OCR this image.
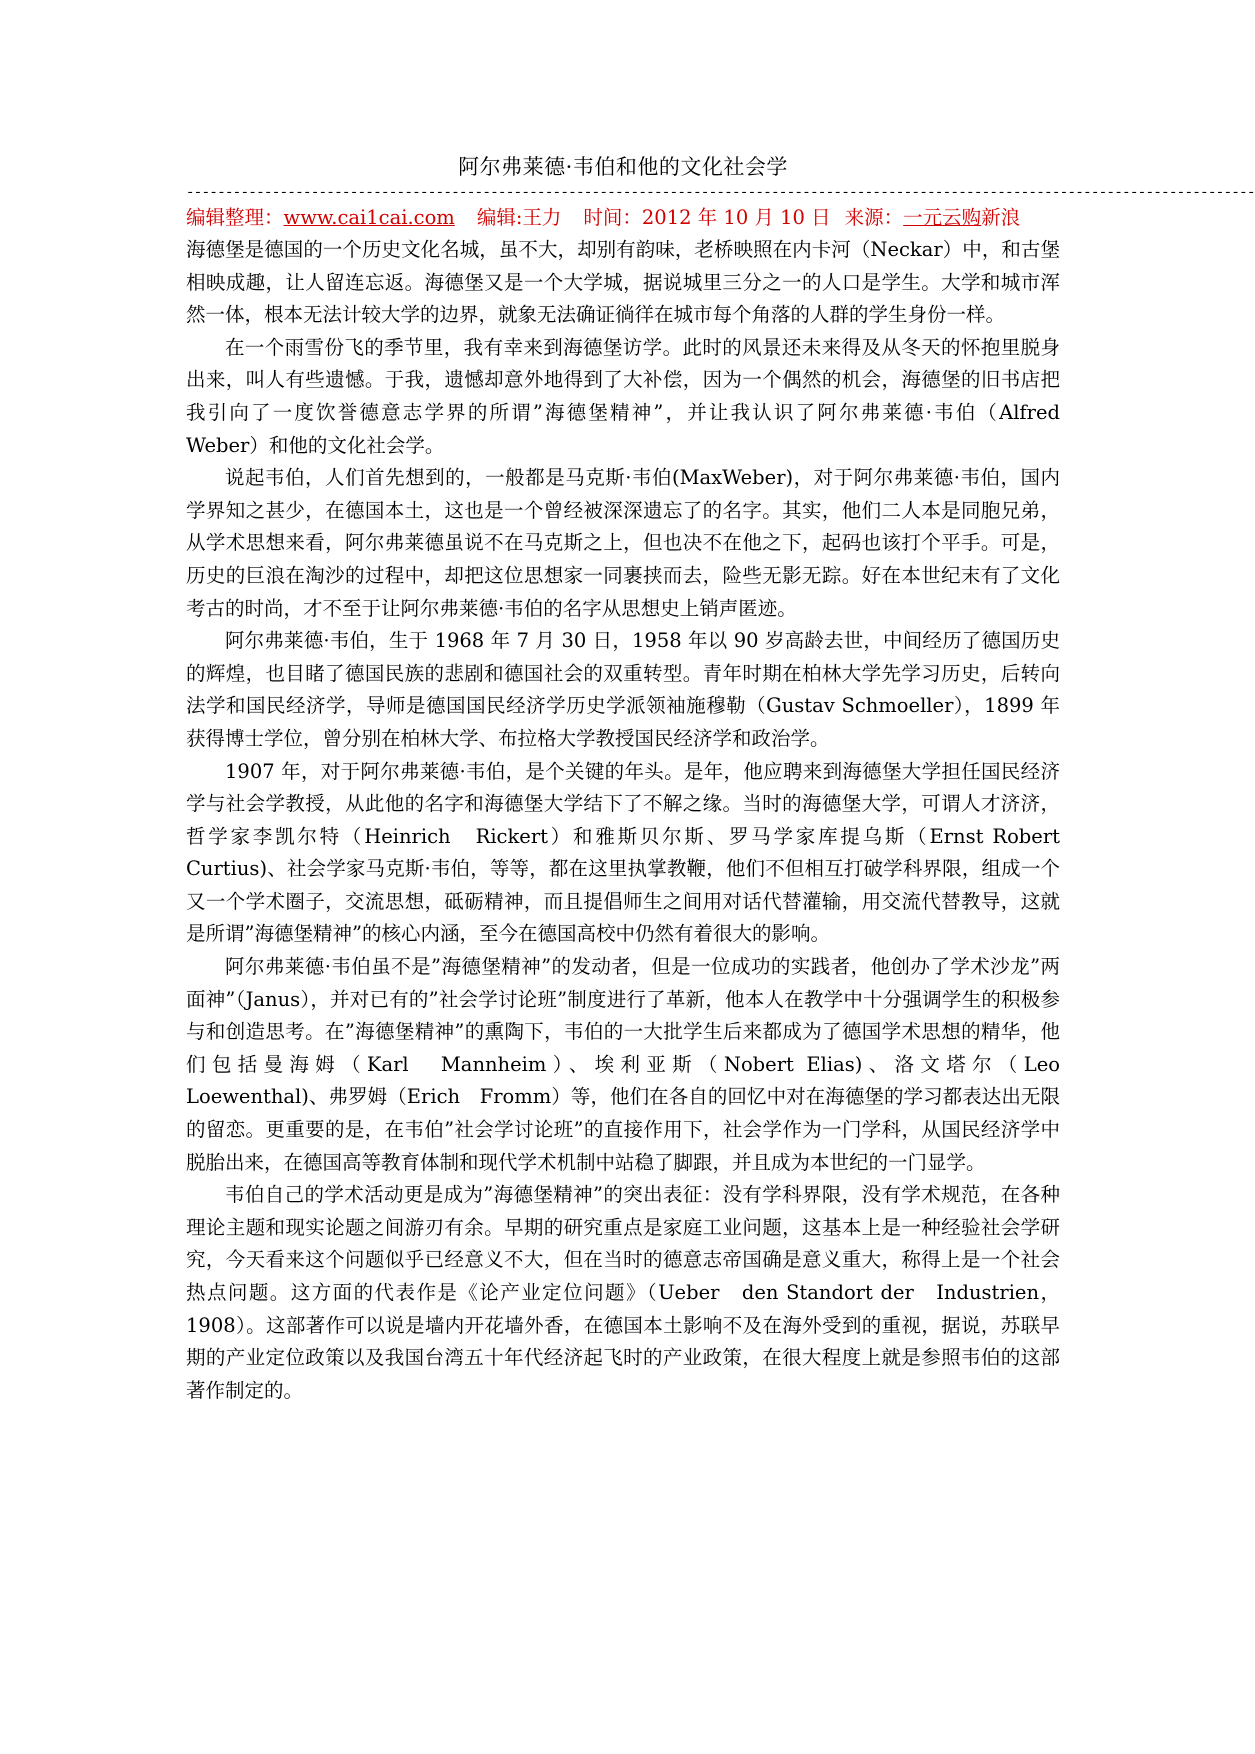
阿尔弗莱德·韦伯和他的文化社会学
-----------------------------------------------------------------------------------------------------------------------------------------
编辑整理：www.cai1cai.com 编辑:王力 时间：2012 年 10 月 10 日 来源：一元云购新浪

海德堡是德国的一个历史文化名城，虽不大，却别有韵味，老桥映照在内卡河（Neckar）中，和古堡相映成趣，让人留连忘返。海德堡又是一个大学城，据说城里三分之一的人口是学生。大学和城市浑然一体，根本无法计较大学的边界，就象无法确证徜徉在城市每个角落的人群的学生身份一样。

在一个雨雪份飞的季节里，我有幸来到海德堡访学。此时的风景还未来得及从冬天的怀抱里脱身出来，叫人有些遗憾。于我，遗憾却意外地得到了大补偿，因为一个偶然的机会，海德堡的旧书店把我引向了一度饮誉德意志学界的所谓”海德堡精神”，并让我认识了阿尔弗莱德·韦伯（Alfred　Weber）和他的文化社会学。

说起韦伯，人们首先想到的，一般都是马克斯·韦伯(MaxWeber)，对于阿尔弗莱德·韦伯，国内学界知之甚少，在德国本土，这也是一个曾经被深深遗忘了的名字。其实，他们二人本是同胞兄弟，从学术思想来看，阿尔弗莱德虽说不在马克斯之上，但也决不在他之下，起码也该打个平手。可是，历史的巨浪在淘沙的过程中，却把这位思想家一同裹挟而去，险些无影无踪。好在本世纪末有了文化考古的时尚，才不至于让阿尔弗莱德·韦伯的名字从思想史上销声匿迹。

阿尔弗莱德·韦伯，生于 1968 年 7 月 30 日，1958 年以 90 岁高龄去世，中间经历了德国历史的辉煌，也目睹了德国民族的悲剧和德国社会的双重转型。青年时期在柏林大学先学习历史，后转向法学和国民经济学，导师是德国国民经济学历史学派领袖施穆勒（Gustav Schmoeller），1899 年获得博士学位，曾分别在柏林大学、布拉格大学教授国民经济学和政治学。

1907 年，对于阿尔弗莱德·韦伯，是个关键的年头。是年，他应聘来到海德堡大学担任国民经济学与社会学教授，从此他的名字和海德堡大学结下了不解之缘。当时的海德堡大学，可谓人才济济，哲学家李凯尔特（Heinrich　Rickert）和雅斯贝尔斯、罗马学家库提乌斯（Ernst Robert　Curtius)、社会学家马克斯·韦伯，等等，都在这里执掌教鞭，他们不但相互打破学科界限，组成一个又一个学术圈子，交流思想，砥砺精神，而且提倡师生之间用对话代替灌输，用交流代替教导，这就是所谓”海德堡精神”的核心内涵，至今在德国高校中仍然有着很大的影响。

阿尔弗莱德·韦伯虽不是”海德堡精神”的发动者，但是一位成功的实践者，他创办了学术沙龙”两面神”（Janus），并对已有的”社会学讨论班”制度进行了革新，他本人在教学中十分强调学生的积极参与和创造思考。在”海德堡精神”的熏陶下，韦伯的一大批学生后来都成为了德国学术思想的精华，他们包括曼海姆（Karl　Mannheim）、埃利亚斯（Nobert Elias)、洛文塔尔（Leo　Loewenthal)、弗罗姆（Erich　Fromm）等，他们在各自的回忆中对在海德堡的学习都表达出无限的留恋。更重要的是，在韦伯”社会学讨论班”的直接作用下，社会学作为一门学科，从国民经济学中脱胎出来，在德国高等教育体制和现代学术机制中站稳了脚跟，并且成为本世纪的一门显学。

韦伯自己的学术活动更是成为”海德堡精神”的突出表征：没有学科界限，没有学术规范，在各种理论主题和现实论题之间游刃有余。早期的研究重点是家庭工业问题，这基本上是一种经验社会学研究，今天看来这个问题似乎已经意义不大，但在当时的德意志帝国确是意义重大，称得上是一个社会热点问题。这方面的代表作是《论产业定位问题》（Ueber　den Standort der　Industrien，1908）。这部著作可以说是墙内开花墙外香，在德国本土影响不及在海外受到的重视，据说，苏联早期的产业定位政策以及我国台湾五十年代经济起飞时的产业政策，在很大程度上就是参照韦伯的这部著作制定的。
